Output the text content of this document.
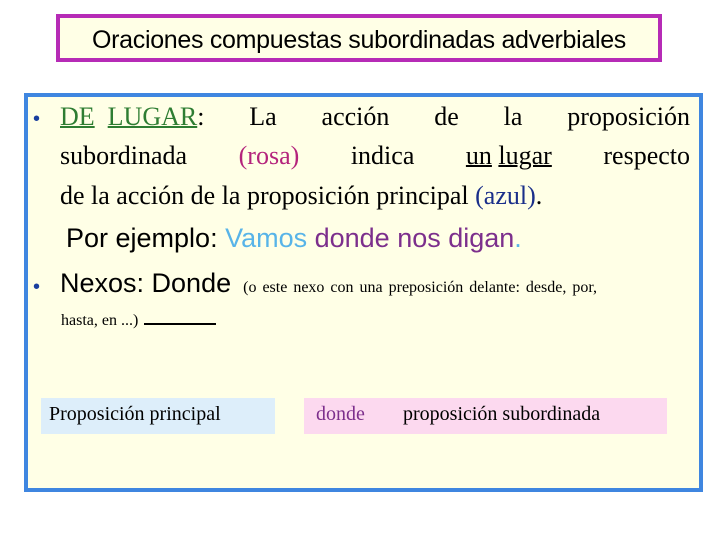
Oraciones compuestas subordinadas adverbiales
• DE LUGAR: La acción de la proposición
subordinada (rosa) indica un lugar respecto
de la acción de la proposición principal (azul).
Por ejemplo: Vamos donde nos digan.
• Nexos: Donde (o este nexo con una preposición delante: desde, por,
hasta, en ...)
Proposición principal	donde proposición subordinada
